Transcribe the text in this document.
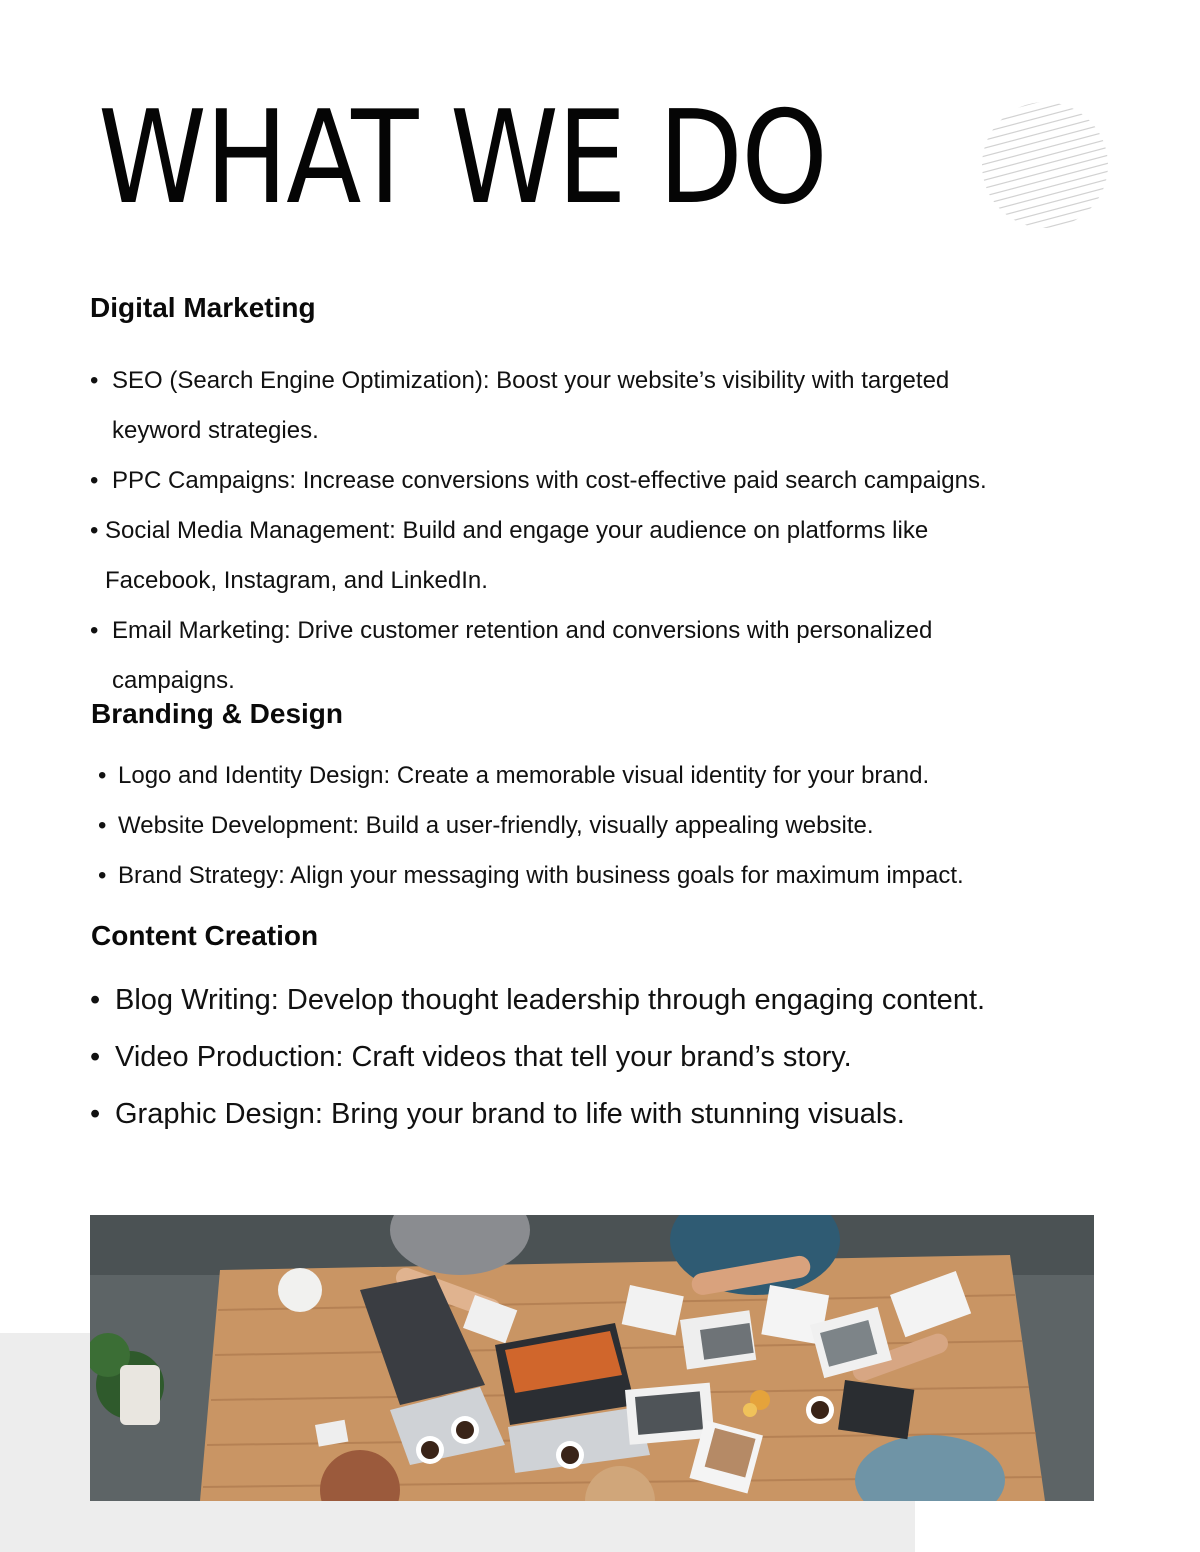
WHAT WE DO
Digital Marketing
• SEO (Search Engine Optimization): Boost your website’s visibility with targeted
keyword strategies.
• PPC Campaigns: Increase conversions with cost-effective paid search campaigns.
• Social Media Management: Build and engage your audience on platforms like
Facebook, Instagram, and LinkedIn.
• Email Marketing: Drive customer retention and conversions with personalized
campaigns.
Branding & Design
• Logo and Identity Design: Create a memorable visual identity for your brand.
• Website Development: Build a user-friendly, visually appealing website.
• Brand Strategy: Align your messaging with business goals for maximum impact.
Content Creation
• Blog Writing: Develop thought leadership through engaging content.
• Video Production: Craft videos that tell your brand’s story.
• Graphic Design: Bring your brand to life with stunning visuals.
